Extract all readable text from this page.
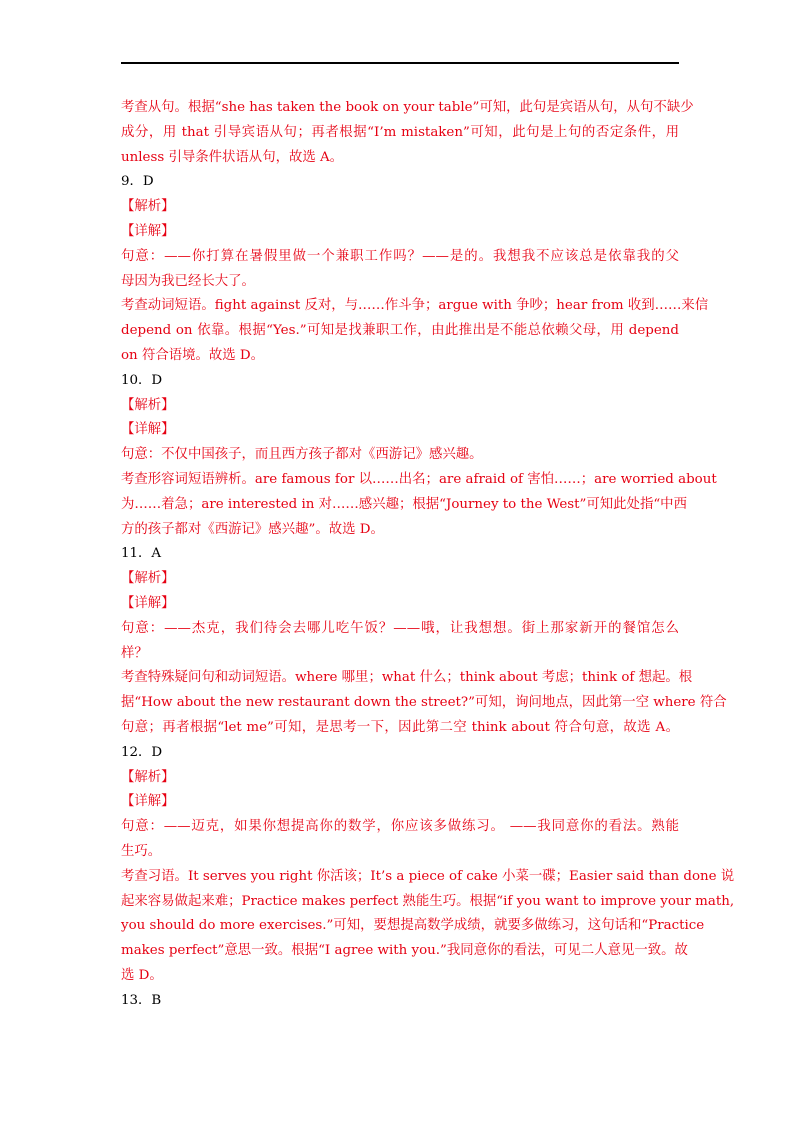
考查从句。根据“she has taken the book on your table”可知，此句是宾语从句，从句不缺少
成分，用 that 引导宾语从句；再者根据“I’m mistaken”可知，此句是上句的否定条件，用
unless 引导条件状语从句，故选 A。
9．D
【解析】
【详解】
句意：——你打算在暑假里做一个兼职工作吗？——是的。我想我不应该总是依靠我的父
母因为我已经长大了。
考查动词短语。fight against 反对，与……作斗争；argue with 争吵；hear from 收到……来信
depend on 依靠。根据“Yes.”可知是找兼职工作，由此推出是不能总依赖父母，用 depend
on 符合语境。故选 D。
10．D
【解析】
【详解】
句意：不仅中国孩子，而且西方孩子都对《西游记》感兴趣。
考查形容词短语辨析。are famous for 以……出名；are afraid of 害怕……；are worried about
为……着急；are interested in 对……感兴趣；根据“Journey to the West”可知此处指“中西
方的孩子都对《西游记》感兴趣”。故选 D。
11．A
【解析】
【详解】
句意：——杰克，我们待会去哪儿吃午饭？——哦，让我想想。街上那家新开的餐馆怎么
样？
考查特殊疑问句和动词短语。where 哪里；what 什么；think about 考虑；think of 想起。根
据“How about the new restaurant down the street?”可知，询问地点，因此第一空 where 符合
句意；再者根据“let me”可知，是思考一下，因此第二空 think about 符合句意，故选 A。
12．D
【解析】
【详解】
句意：——迈克，如果你想提高你的数学，你应该多做练习。 ——我同意你的看法。熟能
生巧。
考查习语。It serves you right 你活该；It’s a piece of cake 小菜一碟；Easier said than done 说
起来容易做起来难；Practice makes perfect 熟能生巧。根据“if you want to improve your math,
you should do more exercises.”可知，要想提高数学成绩，就要多做练习，这句话和“Practice
makes perfect”意思一致。根据“I agree with you.”我同意你的看法，可见二人意见一致。故
选 D。
13．B
